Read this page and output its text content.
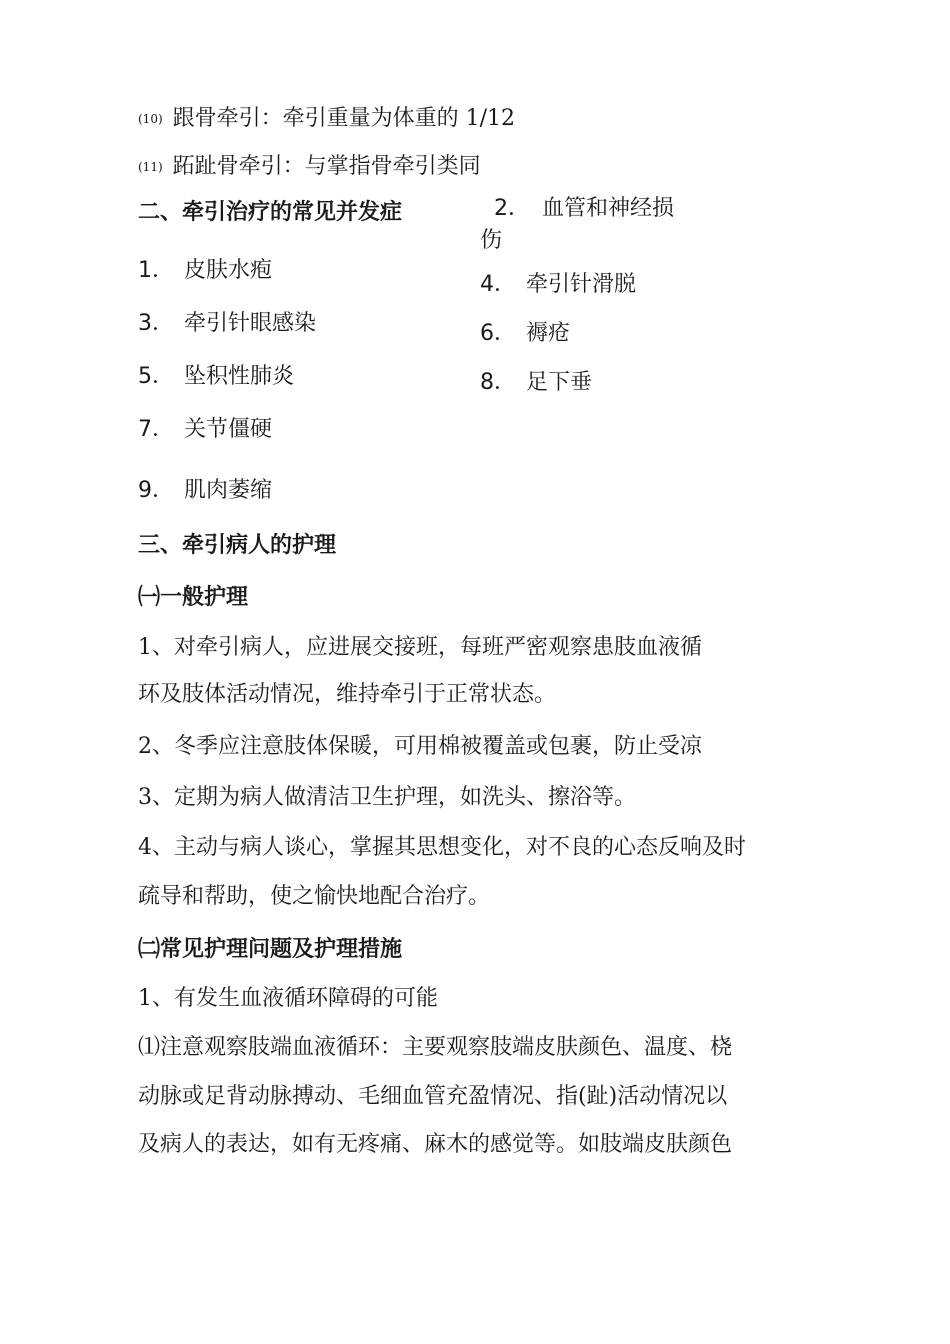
(10) 跟骨牵引：牵引重量为体重的 1/12
(11) 跖趾骨牵引：与掌指骨牵引类同
二、牵引治疗的常见并发症
1． 皮肤水疱
3． 牵引针眼感染
5． 坠积性肺炎
7． 关节僵硬
9． 肌肉萎缩
2． 血管和神经损
伤
4． 牵引针滑脱
6． 褥疮
8． 足下垂
三、牵引病人的护理
㈠一般护理
1、对牵引病人，应进展交接班，每班严密观察患肢血液循
环及肢体活动情况，维持牵引于正常状态。
2、冬季应注意肢体保暖，可用棉被覆盖或包裹，防止受凉
3、定期为病人做清洁卫生护理，如洗头、擦浴等。
4、主动与病人谈心，掌握其思想变化，对不良的心态反响及时
疏导和帮助，使之愉快地配合治疗。
㈡常见护理问题及护理措施
1、有发生血液循环障碍的可能
⑴注意观察肢端血液循环：主要观察肢端皮肤颜色、温度、桡
动脉或足背动脉搏动、毛细血管充盈情况、指(趾)活动情况以
及病人的表达，如有无疼痛、麻木的感觉等。如肢端皮肤颜色
